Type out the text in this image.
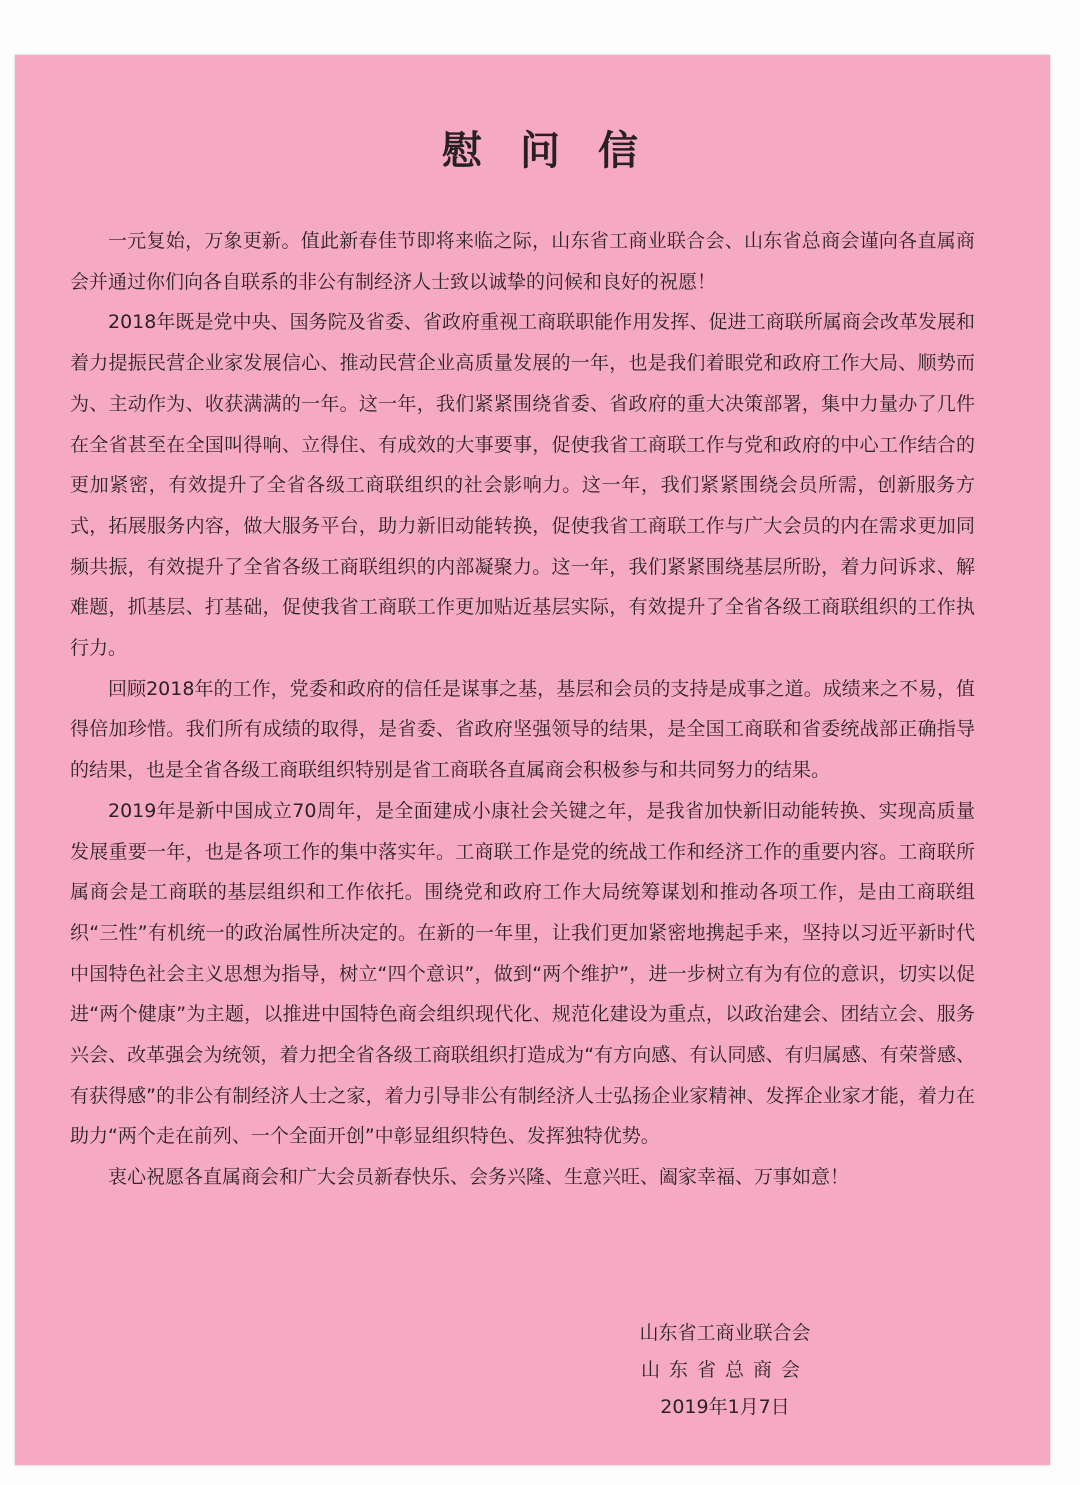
慰问信

一元复始，万象更新。值此新春佳节即将来临之际，山东省工商业联合会、山东省总商会谨向各直属商会并通过你们向各自联系的非公有制经济人士致以诚挚的问候和良好的祝愿！

2018年既是党中央、国务院及省委、省政府重视工商联职能作用发挥、促进工商联所属商会改革发展和着力提振民营企业家发展信心、推动民营企业高质量发展的一年，也是我们着眼党和政府工作大局、顺势而为、主动作为、收获满满的一年。这一年，我们紧紧围绕省委、省政府的重大决策部署，集中力量办了几件在全省甚至在全国叫得响、立得住、有成效的大事要事，促使我省工商联工作与党和政府的中心工作结合的更加紧密，有效提升了全省各级工商联组织的社会影响力。这一年，我们紧紧围绕会员所需，创新服务方式，拓展服务内容，做大服务平台，助力新旧动能转换，促使我省工商联工作与广大会员的内在需求更加同频共振，有效提升了全省各级工商联组织的内部凝聚力。这一年，我们紧紧围绕基层所盼，着力问诉求、解难题，抓基层、打基础，促使我省工商联工作更加贴近基层实际，有效提升了全省各级工商联组织的工作执行力。

回顾2018年的工作，党委和政府的信任是谋事之基，基层和会员的支持是成事之道。成绩来之不易，值得倍加珍惜。我们所有成绩的取得，是省委、省政府坚强领导的结果，是全国工商联和省委统战部正确指导的结果，也是全省各级工商联组织特别是省工商联各直属商会积极参与和共同努力的结果。

2019年是新中国成立70周年，是全面建成小康社会关键之年，是我省加快新旧动能转换、实现高质量发展重要一年，也是各项工作的集中落实年。工商联工作是党的统战工作和经济工作的重要内容。工商联所属商会是工商联的基层组织和工作依托。围绕党和政府工作大局统筹谋划和推动各项工作，是由工商联组织“三性”有机统一的政治属性所决定的。在新的一年里，让我们更加紧密地携起手来，坚持以习近平新时代中国特色社会主义思想为指导，树立“四个意识”，做到“两个维护”，进一步树立有为有位的意识，切实以促进“两个健康”为主题，以推进中国特色商会组织现代化、规范化建设为重点，以政治建会、团结立会、服务兴会、改革强会为统领，着力把全省各级工商联组织打造成为“有方向感、有认同感、有归属感、有荣誉感、有获得感”的非公有制经济人士之家，着力引导非公有制经济人士弘扬企业家精神、发挥企业家才能，着力在助力“两个走在前列、一个全面开创”中彰显组织特色、发挥独特优势。

衷心祝愿各直属商会和广大会员新春快乐、会务兴隆、生意兴旺、阖家幸福、万事如意！

山东省工商业联合会
山东省总商会
2019年1月7日
